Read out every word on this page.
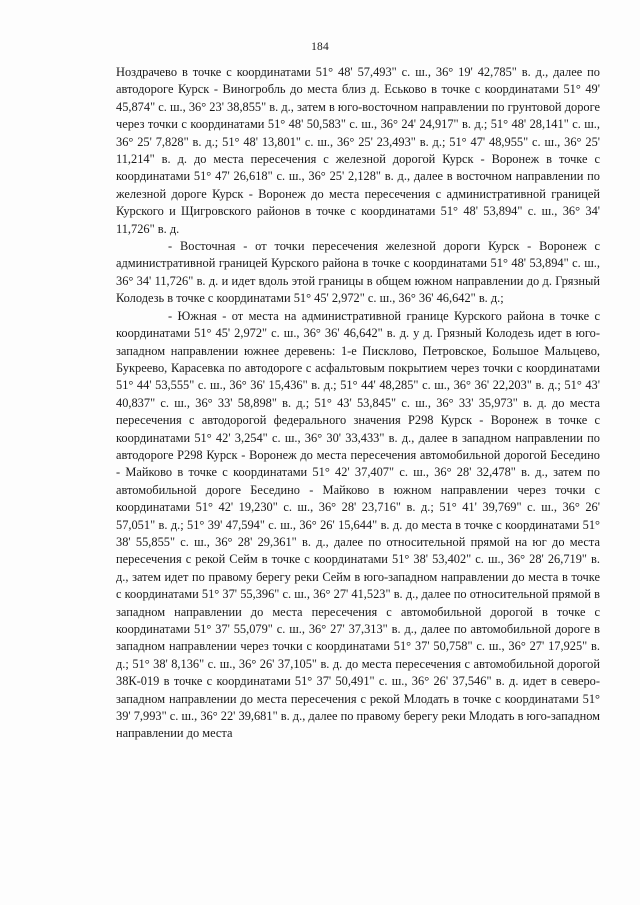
184

Ноздрачево в точке с координатами 51° 48' 57,493" с. ш., 36° 19' 42,785" в. д., далее по автодороге Курск - Виногробль до места близ д. Еськово в точке с координатами 51° 49' 45,874" с. ш., 36° 23' 38,855" в. д., затем в юго-восточном направлении по грунтовой дороге через точки с координатами 51° 48' 50,583" с. ш., 36° 24' 24,917" в. д.; 51° 48' 28,141" с. ш., 36° 25' 7,828" в. д.; 51° 48' 13,801" с. ш., 36° 25' 23,493" в. д.; 51° 47' 48,955" с. ш., 36° 25' 11,214" в. д. до места пересечения с железной дорогой Курск - Воронеж в точке с координатами 51° 47' 26,618" с. ш., 36° 25' 2,128" в. д., далее в восточном направлении по железной дороге Курск - Воронеж до места пересечения с административной границей Курского и Щигровского районов в точке с координатами 51° 48' 53,894" с. ш., 36° 34' 11,726" в. д.

- Восточная - от точки пересечения железной дороги Курск - Воронеж с административной границей Курского района в точке с координатами 51° 48' 53,894" с. ш., 36° 34' 11,726" в. д. и идет вдоль этой границы в общем южном направлении до д. Грязный Колодезь в точке с координатами 51° 45' 2,972" с. ш., 36° 36' 46,642" в. д.;

- Южная - от места на административной границе Курского района в точке с координатами 51° 45' 2,972" с. ш., 36° 36' 46,642" в. д. у д. Грязный Колодезь идет в юго-западном направлении южнее деревень: 1-е Писклово, Петровское, Большое Мальцево, Букреево, Карасевка по автодороге с асфальтовым покрытием через точки с координатами 51° 44' 53,555" с. ш., 36° 36' 15,436" в. д.; 51° 44' 48,285" с. ш., 36° 36' 22,203" в. д.; 51° 43' 40,837" с. ш., 36° 33' 58,898" в. д.; 51° 43' 53,845" с. ш., 36° 33' 35,973" в. д. до места пересечения с автодорогой федерального значения Р298 Курск - Воронеж в точке с координатами 51° 42' 3,254" с. ш., 36° 30' 33,433" в. д., далее в западном направлении по автодороге Р298 Курск - Воронеж до места пересечения автомобильной дорогой Беседино - Майково в точке с координатами 51° 42' 37,407" с. ш., 36° 28' 32,478" в. д., затем по автомобильной дороге Беседино - Майково в южном направлении через точки с координатами 51° 42' 19,230" с. ш., 36° 28' 23,716" в. д.; 51° 41' 39,769" с. ш., 36° 26' 57,051" в. д.; 51° 39' 47,594" с. ш., 36° 26' 15,644" в. д. до места в точке с координатами 51° 38' 55,855" с. ш., 36° 28' 29,361" в. д., далее по относительной прямой на юг до места пересечения с рекой Сейм в точке с координатами 51° 38' 53,402" с. ш., 36° 28' 26,719" в. д., затем идет по правому берегу реки Сейм в юго-западном направлении до места в точке с координатами 51° 37' 55,396" с. ш., 36° 27' 41,523" в. д., далее по относительной прямой в западном направлении до места пересечения с автомобильной дорогой в точке с координатами 51° 37' 55,079" с. ш., 36° 27' 37,313" в. д., далее по автомобильной дороге в западном направлении через точки с координатами 51° 37' 50,758" с. ш., 36° 27' 17,925" в. д.; 51° 38' 8,136" с. ш., 36° 26' 37,105" в. д. до места пересечения с автомобильной дорогой 38К-019 в точке с координатами 51° 37' 50,491" с. ш., 36° 26' 37,546" в. д. идет в северо-западном направлении до места пересечения с рекой Млодать в точке с координатами 51° 39' 7,993" с. ш., 36° 22' 39,681" в. д., далее по правому берегу реки Млодать в юго-западном направлении до места
